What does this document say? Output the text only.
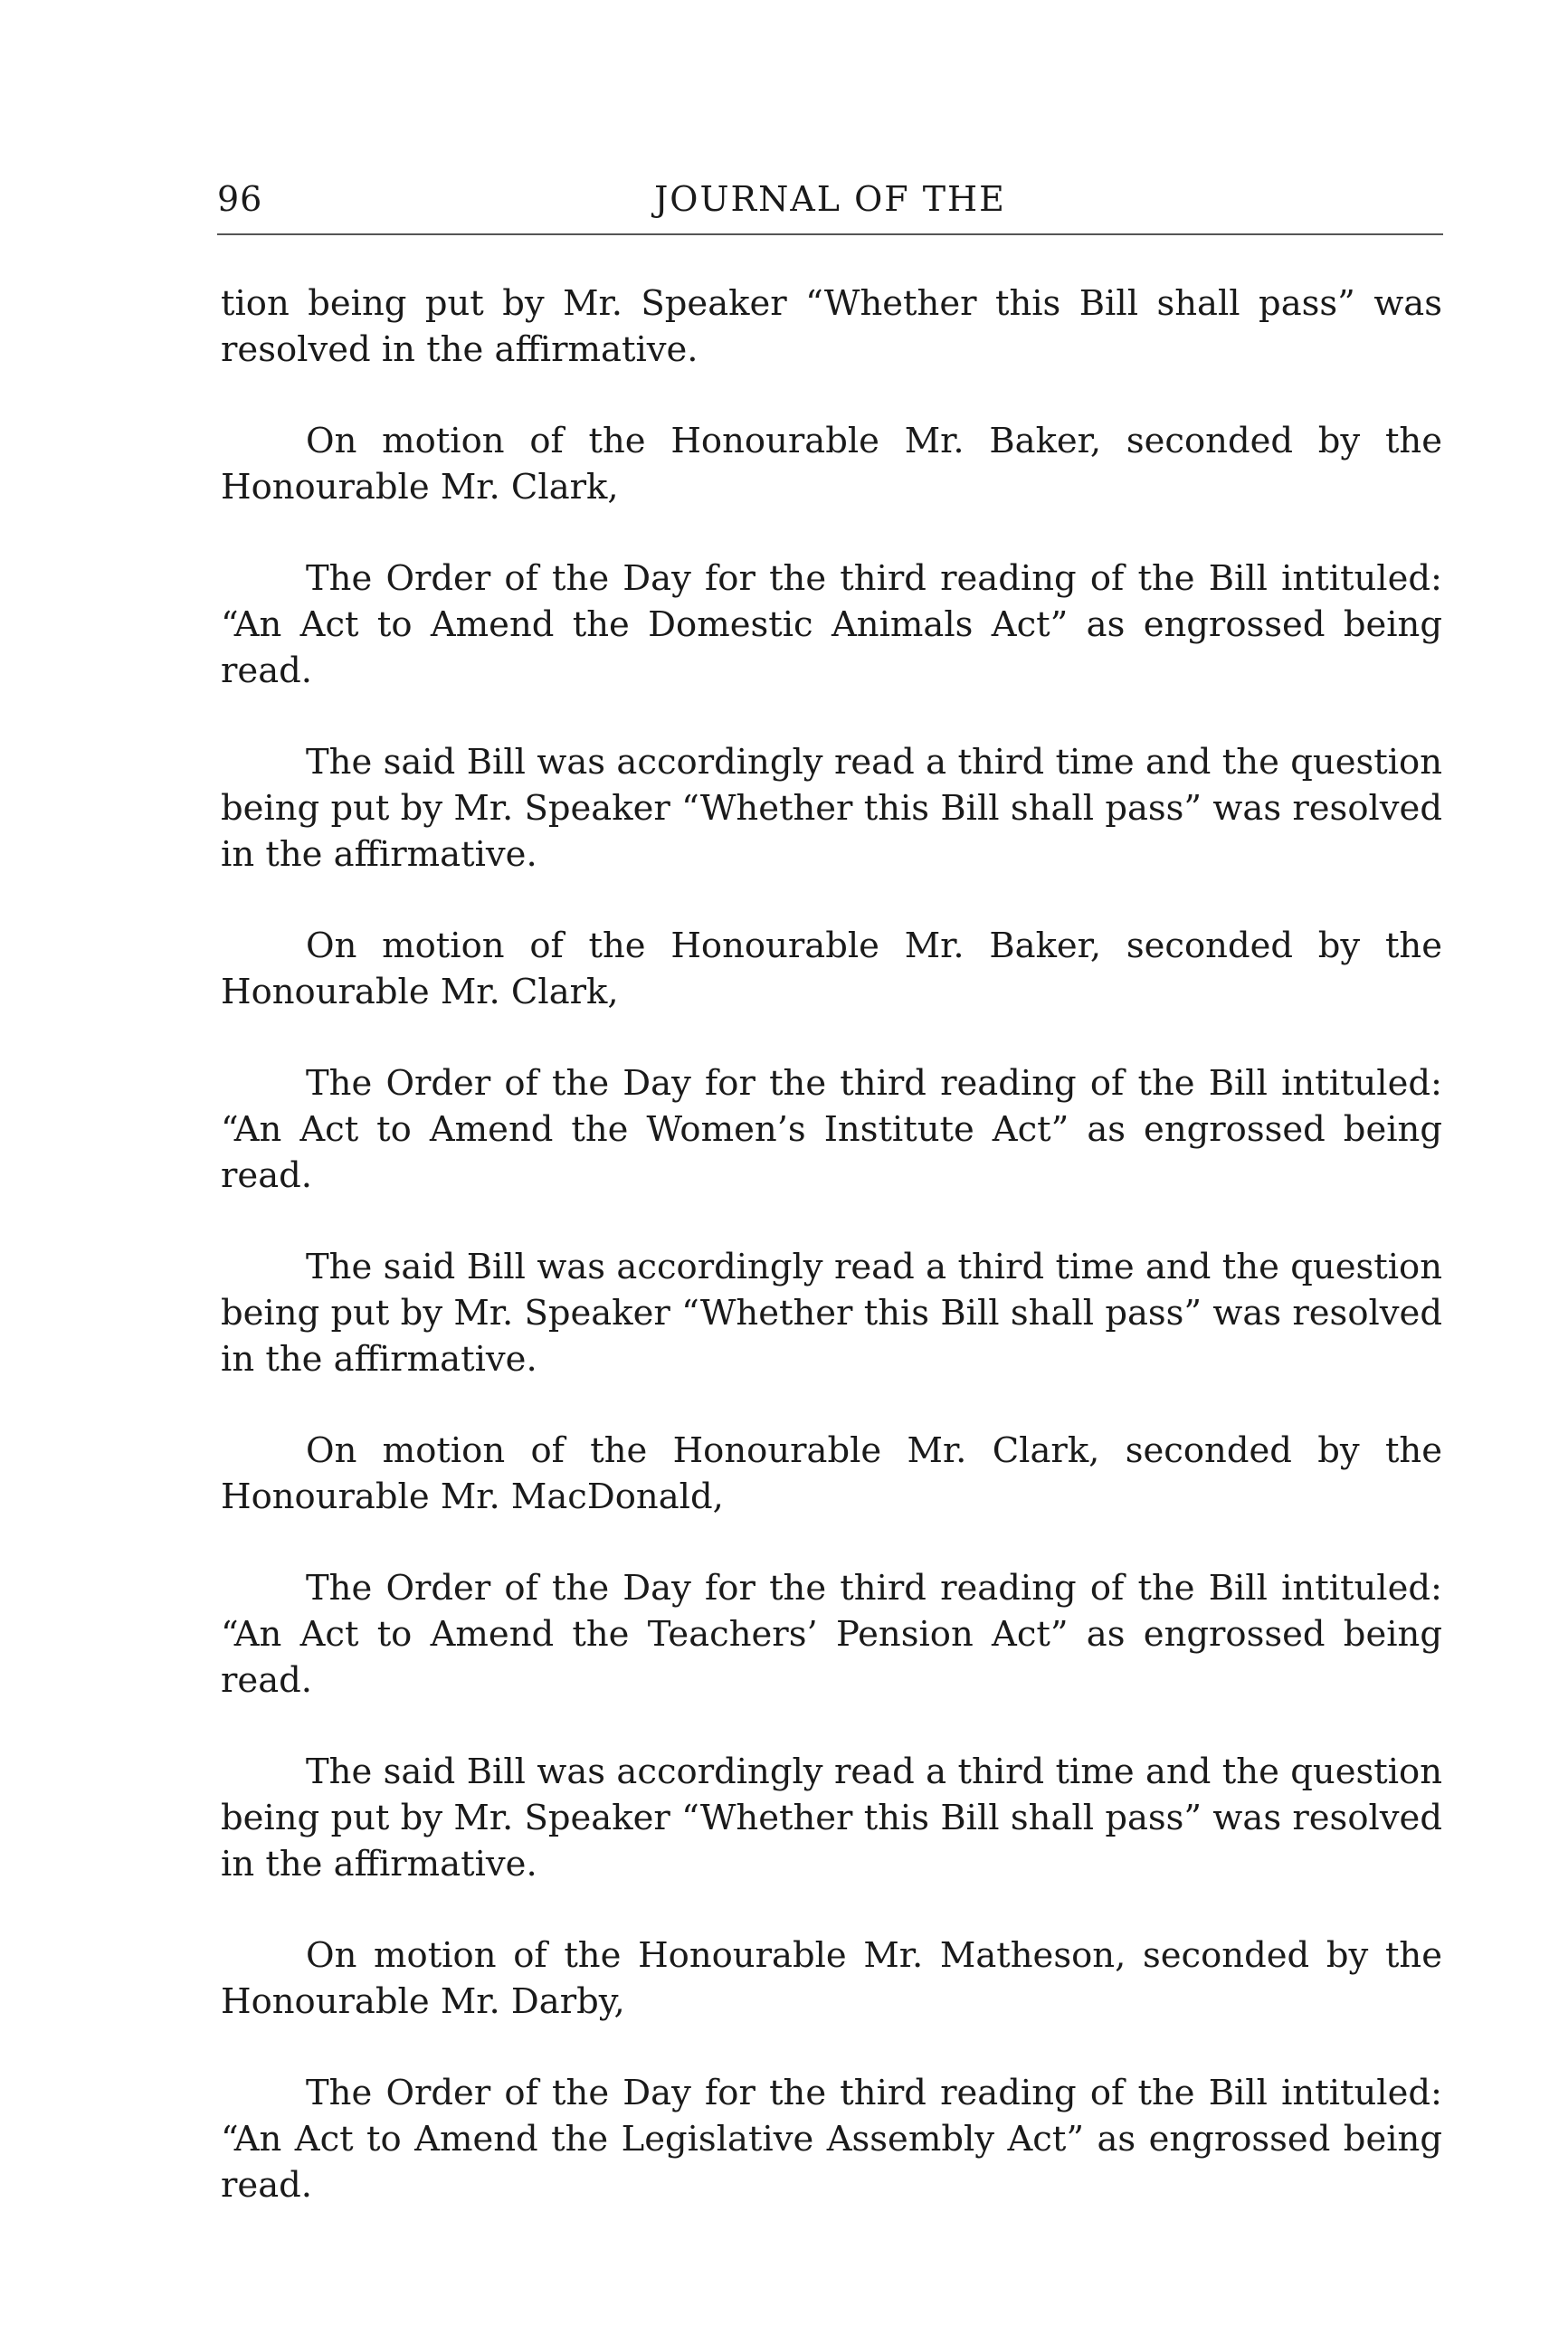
96	JOURNAL OF THE

tion being put by Mr. Speaker “Whether this Bill shall pass” was resolved in the affirmative.

On motion of the Honourable Mr. Baker, seconded by the Honourable Mr. Clark,

The Order of the Day for the third reading of the Bill intituled: “An Act to Amend the Domestic Animals Act” as engrossed being read.

The said Bill was accordingly read a third time and the question being put by Mr. Speaker “Whether this Bill shall pass” was resolved in the affirmative.

On motion of the Honourable Mr. Baker, seconded by the Honourable Mr. Clark,

The Order of the Day for the third reading of the Bill intituled: “An Act to Amend the Women’s Institute Act” as engrossed being read.

The said Bill was accordingly read a third time and the question being put by Mr. Speaker “Whether this Bill shall pass” was resolved in the affirmative.

On motion of the Honourable Mr. Clark, seconded by the Honourable Mr. MacDonald,

The Order of the Day for the third reading of the Bill intituled: “An Act to Amend the Teachers’ Pension Act” as engrossed being read.

The said Bill was accordingly read a third time and the question being put by Mr. Speaker “Whether this Bill shall pass” was resolved in the affirmative.

On motion of the Honourable Mr. Matheson, seconded by the Honourable Mr. Darby,

The Order of the Day for the third reading of the Bill intituled: “An Act to Amend the Legislative Assembly Act” as engrossed being read.
